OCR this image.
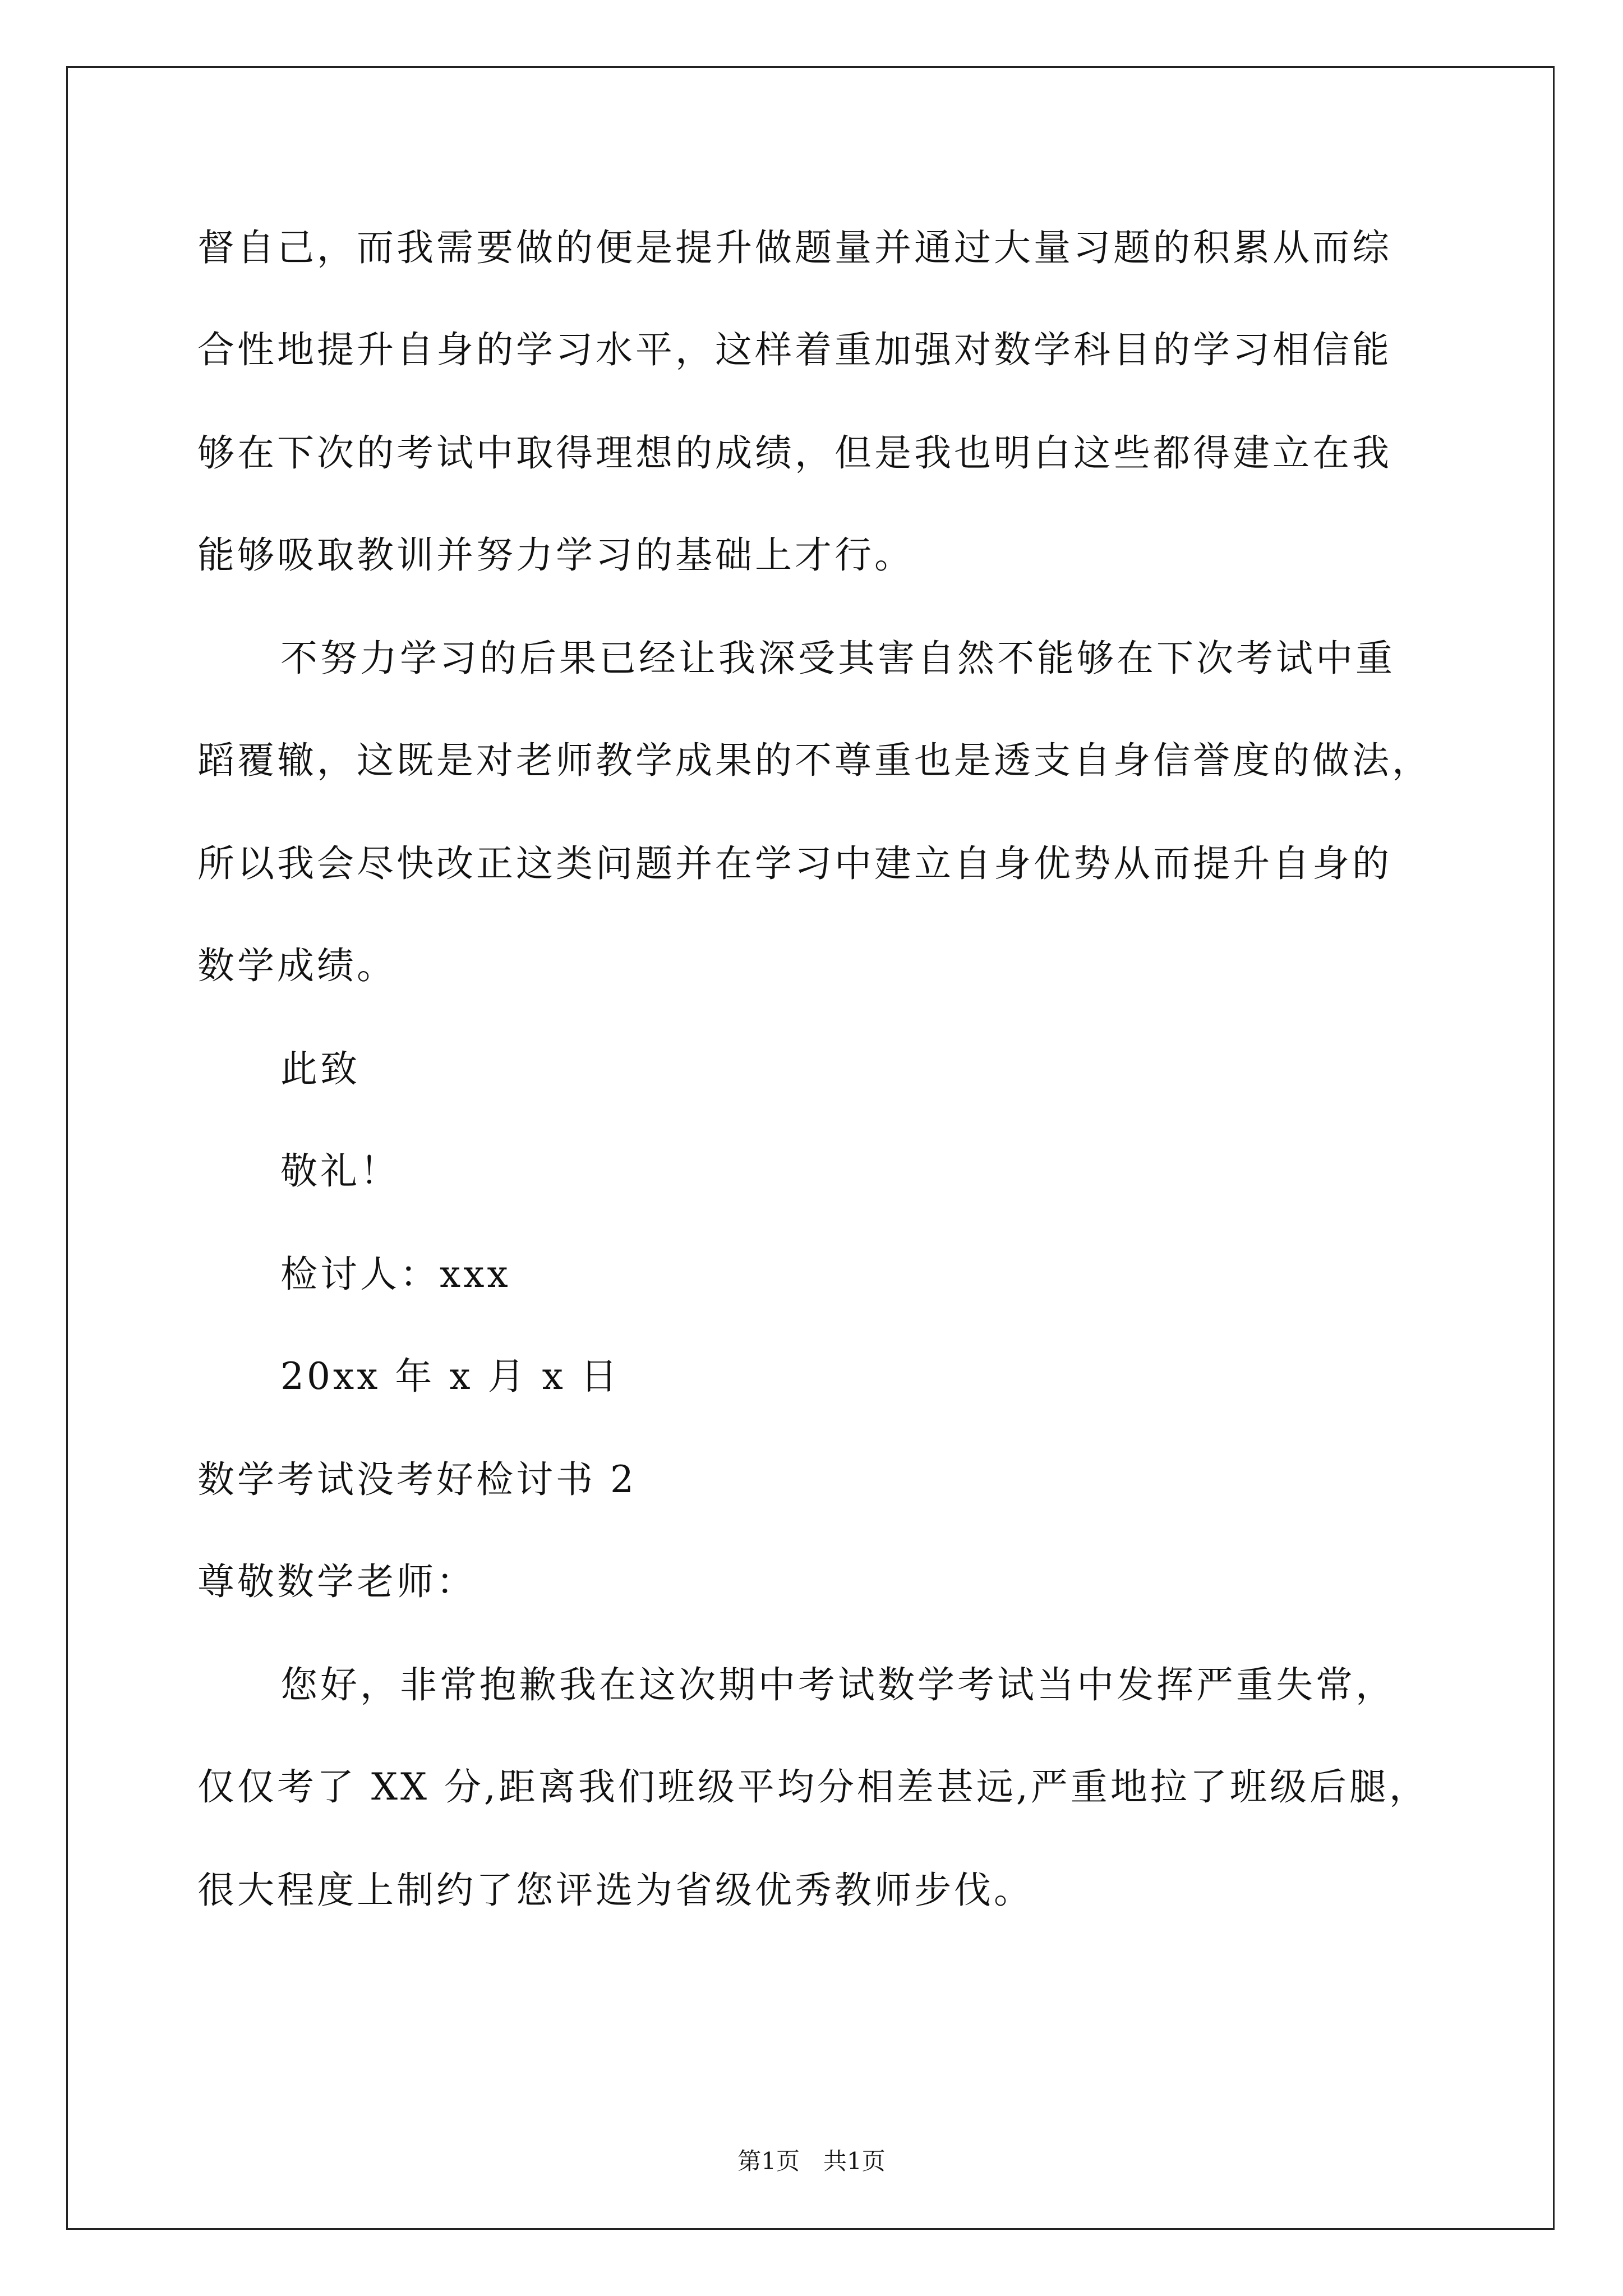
督自己，而我需要做的便是提升做题量并通过大量习题的积累从而综
合性地提升自身的学习水平，这样着重加强对数学科目的学习相信能
够在下次的考试中取得理想的成绩，但是我也明白这些都得建立在我
能够吸取教训并努力学习的基础上才行。
不努力学习的后果已经让我深受其害自然不能够在下次考试中重
蹈覆辙，这既是对老师教学成果的不尊重也是透支自身信誉度的做法，
所以我会尽快改正这类问题并在学习中建立自身优势从而提升自身的
数学成绩。
此致
敬礼！
检讨人：xxx
20xx 年 x 月 x 日
数学考试没考好检讨书 2
尊敬数学老师：
您好，非常抱歉我在这次期中考试数学考试当中发挥严重失常，
仅仅考了 XX 分,距离我们班级平均分相差甚远,严重地拉了班级后腿，
很大程度上制约了您评选为省级优秀教师步伐。
第1页　共1页
